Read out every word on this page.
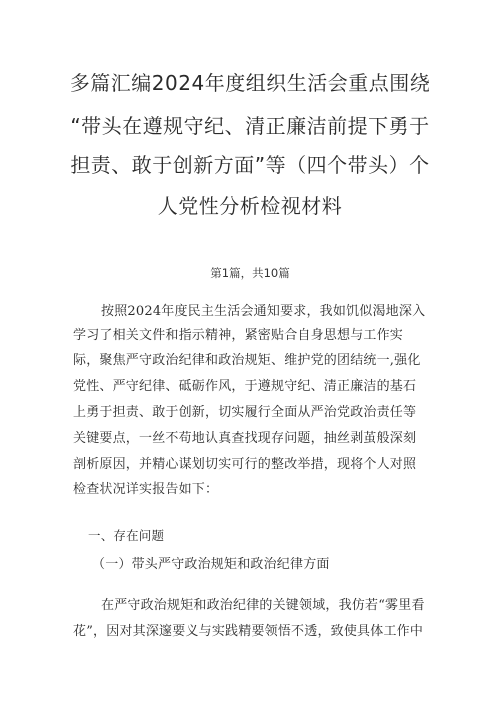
多篇汇编2024年度组织生活会重点围绕
“带头在遵规守纪、清正廉洁前提下勇于
担责、敢于创新方面”等（四个带头）个
人党性分析检视材料
第1篇，共10篇
按照2024年度民主生活会通知要求，我如饥似渴地深入
学习了相关文件和指示精神，紧密贴合自身思想与工作实
际，聚焦严守政治纪律和政治规矩、维护党的团结统一,强化
党性、严守纪律、砥砺作风，于遵规守纪、清正廉洁的基石
上勇于担责、敢于创新，切实履行全面从严治党政治责任等
关键要点，一丝不苟地认真查找现存问题，抽丝剥茧般深刻
剖析原因，并精心谋划切实可行的整改举措，现将个人对照
检查状况详实报告如下：
一、存在问题
（一）带头严守政治规矩和政治纪律方面
在严守政治规矩和政治纪律的关键领域，我仿若“雾里看
花”，因对其深邃要义与实践精要领悟不透，致使具体工作中
